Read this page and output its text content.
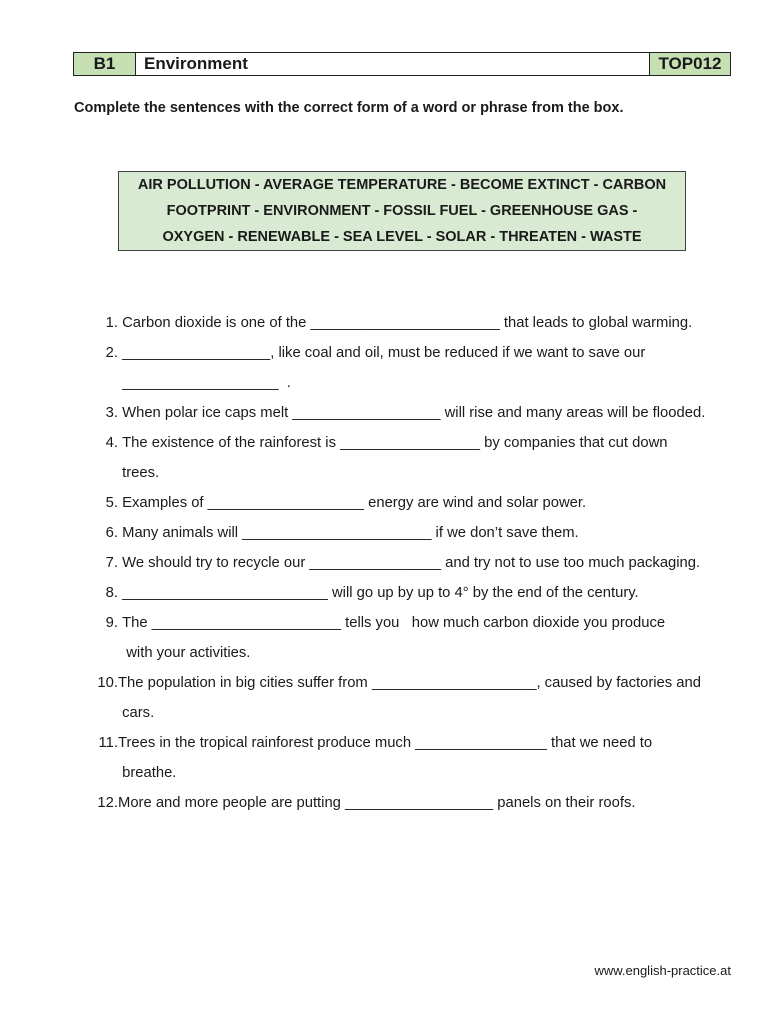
B1	Environment	TOP012
Complete the sentences with the correct form of a word or phrase from the box.
AIR POLLUTION - AVERAGE TEMPERATURE - BECOME EXTINCT - CARBON
FOOTPRINT - ENVIRONMENT - FOSSIL FUEL - GREENHOUSE GAS -
OXYGEN - RENEWABLE - SEA LEVEL - SOLAR - THREATEN - WASTE
1. Carbon dioxide is one of the _______________________ that leads to global warming.
2. __________________, like coal and oil, must be reduced if we want to save our
___________________  .
3. When polar ice caps melt __________________ will rise and many areas will be flooded.
4. The existence of the rainforest is _________________ by companies that cut down
trees.
5. Examples of ___________________ energy are wind and solar power.
6. Many animals will _______________________ if we don’t save them.
7. We should try to recycle our ________________ and try not to use too much packaging.
8. _________________________ will go up by up to 4° by the end of the century.
9. The _______________________ tells you   how much carbon dioxide you produce
with your activities.
10. The population in big cities suffer from ____________________, caused by factories and
cars.
11. Trees in the tropical rainforest produce much ________________ that we need to
breathe.
12. More and more people are putting __________________ panels on their roofs.
www.english-practice.at
